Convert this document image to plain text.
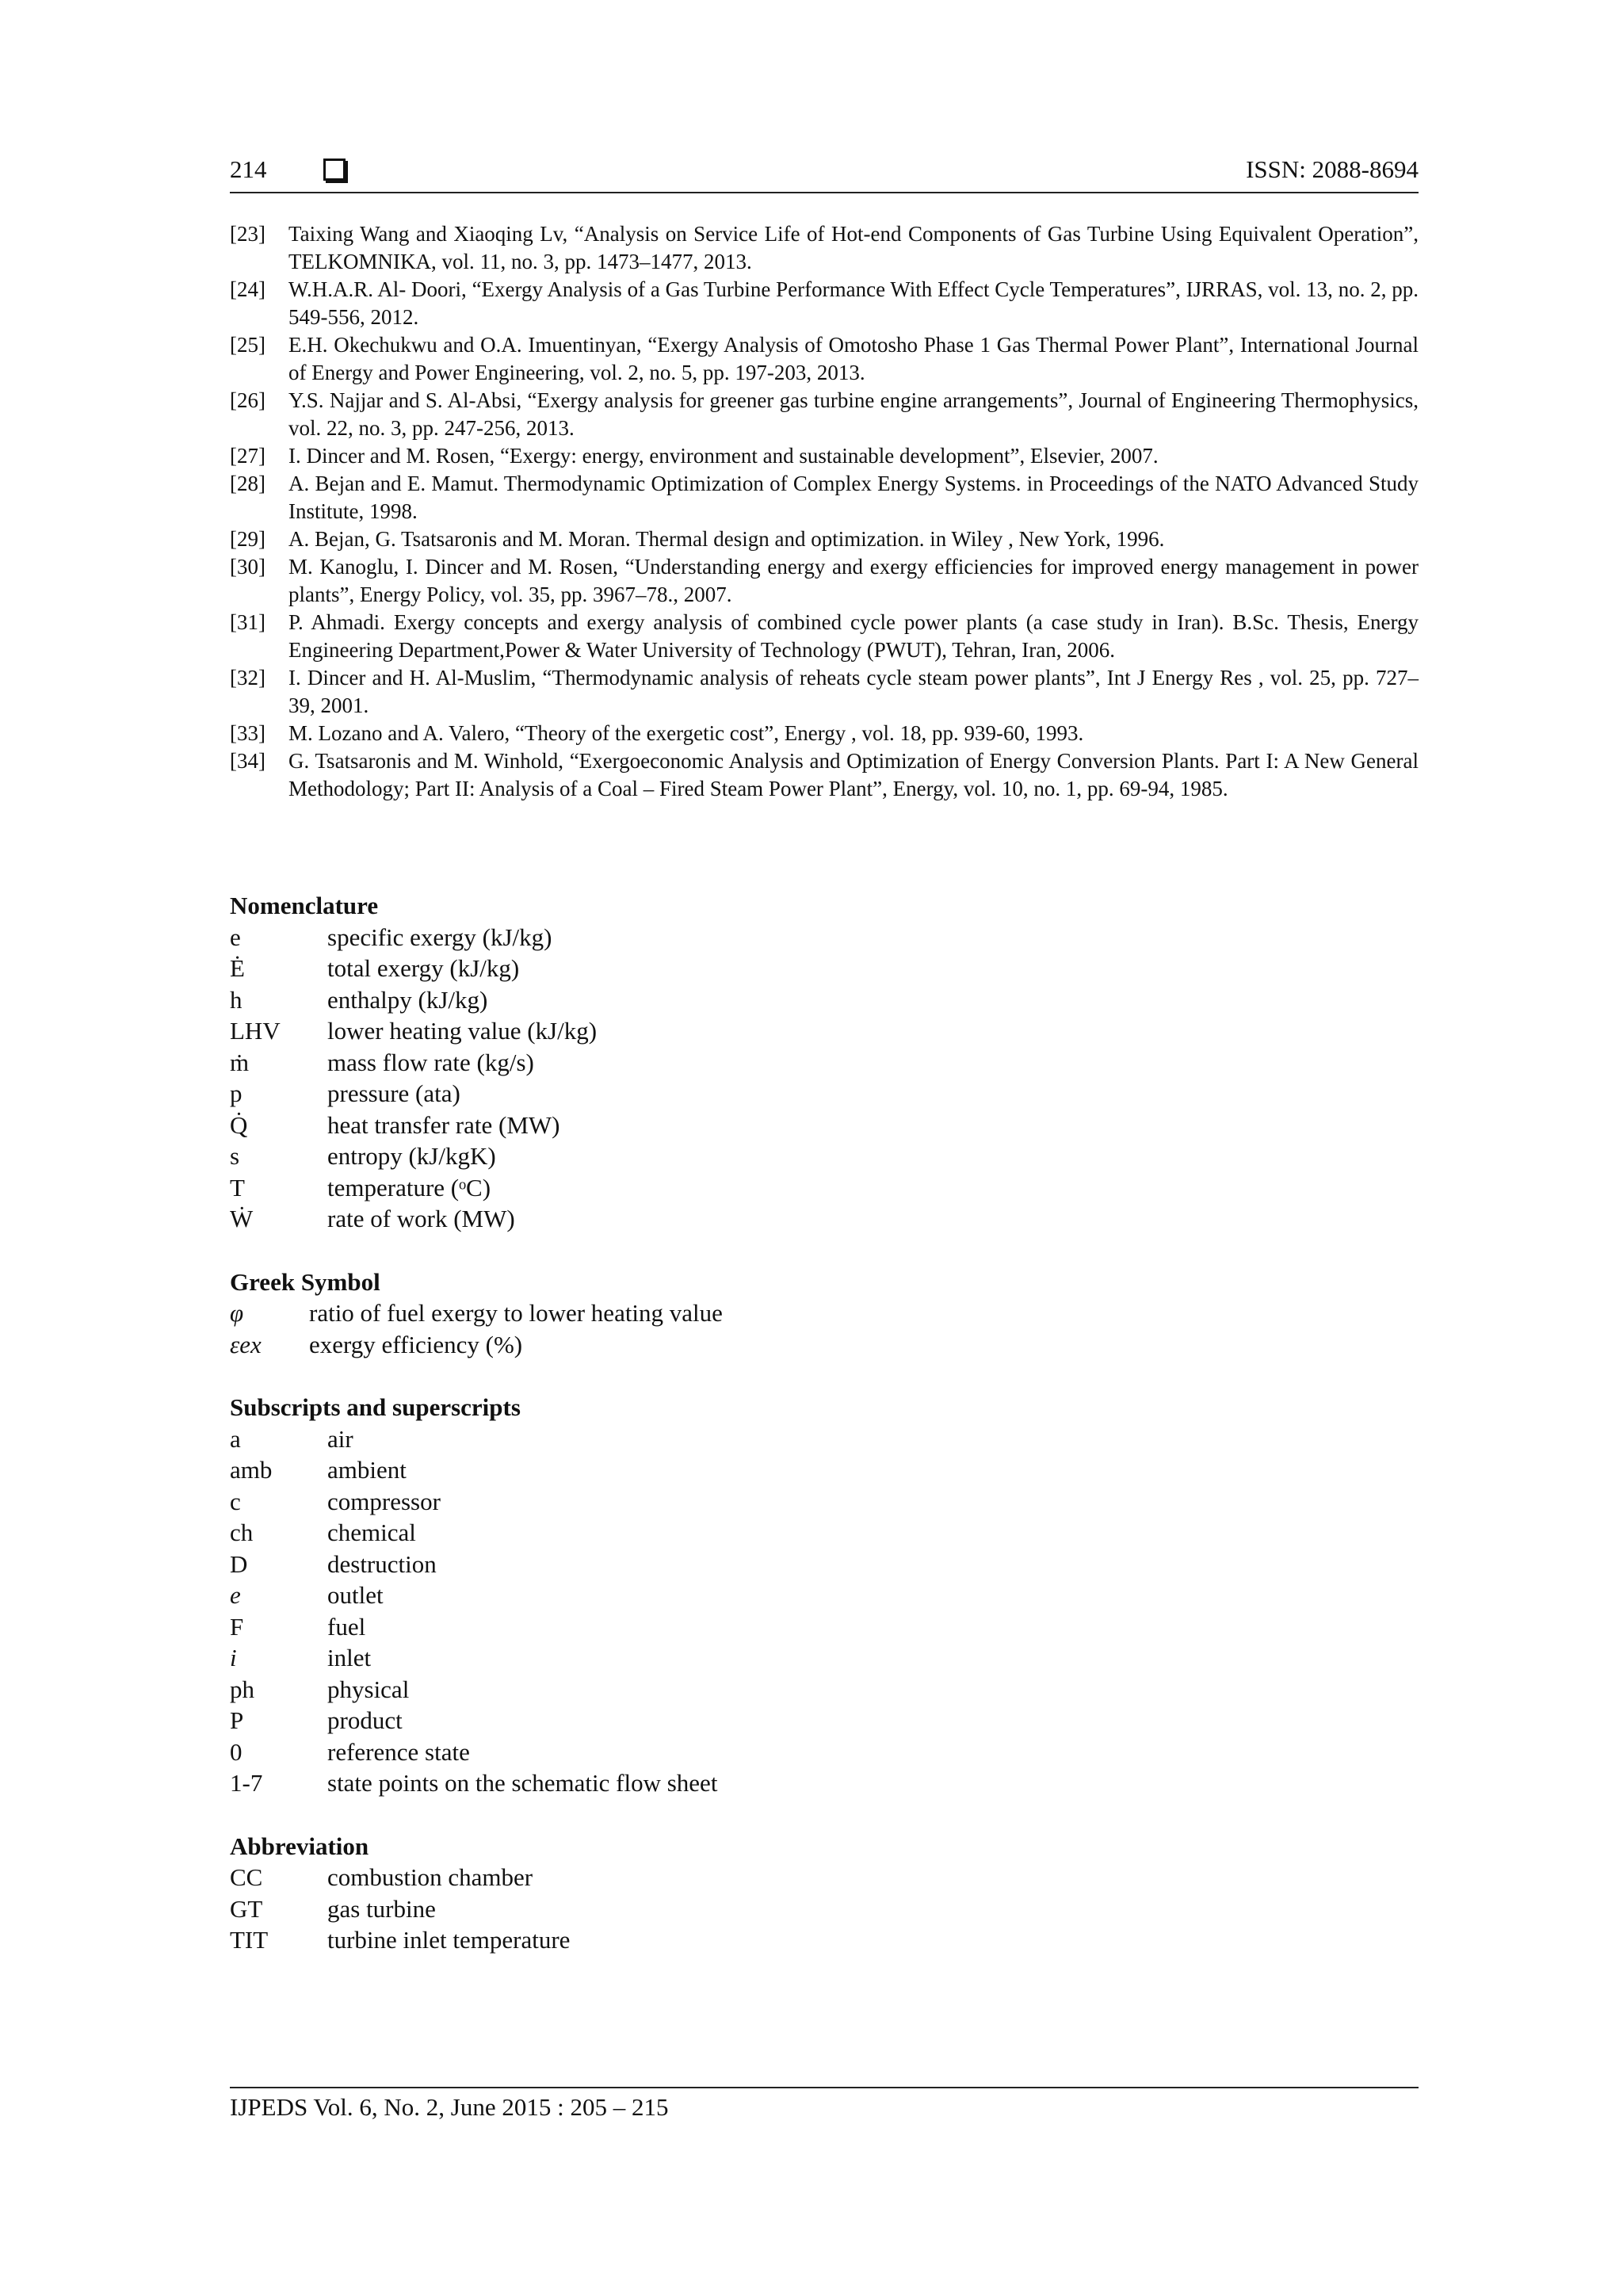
214	ISSN: 2088-8694
[23]	Taixing Wang and Xiaoqing Lv, “Analysis on Service Life of Hot-end Components of Gas Turbine Using Equivalent Operation”, TELKOMNIKA, vol. 11, no. 3, pp. 1473–1477, 2013.
[24]	W.H.A.R. Al- Doori, “Exergy Analysis of a Gas Turbine Performance With Effect Cycle Temperatures”, IJRRAS, vol. 13, no. 2, pp. 549-556, 2012.
[25]	E.H. Okechukwu and O.A. Imuentinyan, “Exergy Analysis of Omotosho Phase 1 Gas Thermal Power Plant”, International Journal of Energy and Power Engineering, vol. 2, no. 5, pp. 197-203, 2013.
[26]	Y.S. Najjar and S. Al-Absi, “Exergy analysis for greener gas turbine engine arrangements”, Journal of Engineering Thermophysics, vol. 22, no. 3, pp. 247-256, 2013.
[27]	I. Dincer and M. Rosen, “Exergy: energy, environment and sustainable development”, Elsevier, 2007.
[28]	A. Bejan and E. Mamut. Thermodynamic Optimization of Complex Energy Systems. in Proceedings of the NATO Advanced Study Institute, 1998.
[29]	A. Bejan, G. Tsatsaronis and M. Moran. Thermal design and optimization. in Wiley , New York, 1996.
[30]	M. Kanoglu, I. Dincer and M. Rosen, “Understanding energy and exergy efficiencies for improved energy management in power plants”, Energy Policy, vol. 35, pp. 3967–78., 2007.
[31]	P. Ahmadi. Exergy concepts and exergy analysis of combined cycle power plants (a case study in Iran). B.Sc. Thesis, Energy Engineering Department,Power & Water University of Technology (PWUT), Tehran, Iran, 2006.
[32]	I. Dincer and H. Al-Muslim, “Thermodynamic analysis of reheats cycle steam power plants”, Int J Energy Res , vol. 25, pp. 727–39, 2001.
[33]	M. Lozano and A. Valero, “Theory of the exergetic cost”, Energy , vol. 18, pp. 939-60, 1993.
[34]	G. Tsatsaronis and M. Winhold, “Exergoeconomic Analysis and Optimization of Energy Conversion Plants. Part I: A New General Methodology; Part II: Analysis of a Coal – Fired Steam Power Plant”, Energy, vol. 10, no. 1, pp. 69-94, 1985.

Nomenclature

e	specific exergy (kJ/kg)
Ė	total exergy (kJ/kg)
h	enthalpy (kJ/kg)
LHV	lower heating value (kJ/kg)
ṁ	mass flow rate (kg/s)
p	pressure (ata)
Q̇	heat transfer rate (MW)
s	entropy (kJ/kgK)
T	temperature (ᵒC)
Ẇ	rate of work (MW)

Greek Symbol

φ	ratio of fuel exergy to lower heating value
εex	exergy efficiency (%)

Subscripts and superscripts

a	air
amb	ambient
c	compressor
ch	chemical
D	destruction
e	outlet
F	fuel
i	inlet
ph	physical
P	product
0	reference state
1-7	state points on the schematic flow sheet

Abbreviation

CC	combustion chamber
GT	gas turbine
TIT	turbine inlet temperature
IJPEDS Vol. 6, No. 2, June 2015 : 205 – 215
